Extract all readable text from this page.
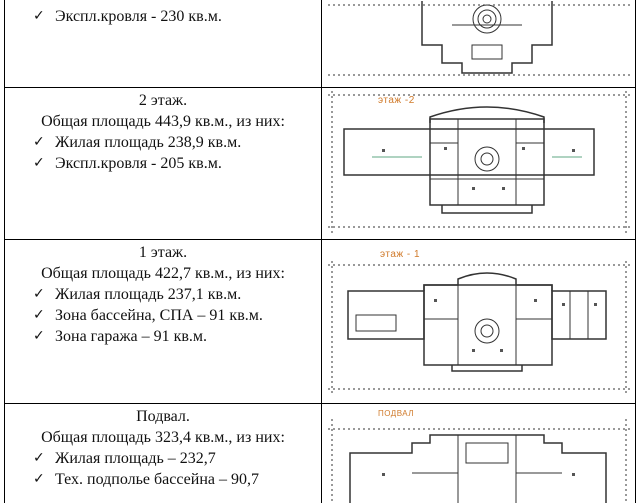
✓ Экспл.кровля - 230 кв.м.
2 этаж.
Общая площадь 443,9 кв.м., из них:
✓ Жилая площадь 238,9 кв.м.
✓ Экспл.кровля - 205 кв.м.
этаж -2
1 этаж.
Общая площадь 422,7 кв.м., из них:
✓ Жилая площадь 237,1 кв.м.
✓ Зона бассейна, СПА – 91 кв.м.
✓ Зона гаража – 91 кв.м.
этаж - 1
Подвал.
Общая площадь 323,4 кв.м., из них:
✓ Жилая площадь – 232,7
✓ Тех. подполье бассейна – 90,7
ПОДВАЛ
